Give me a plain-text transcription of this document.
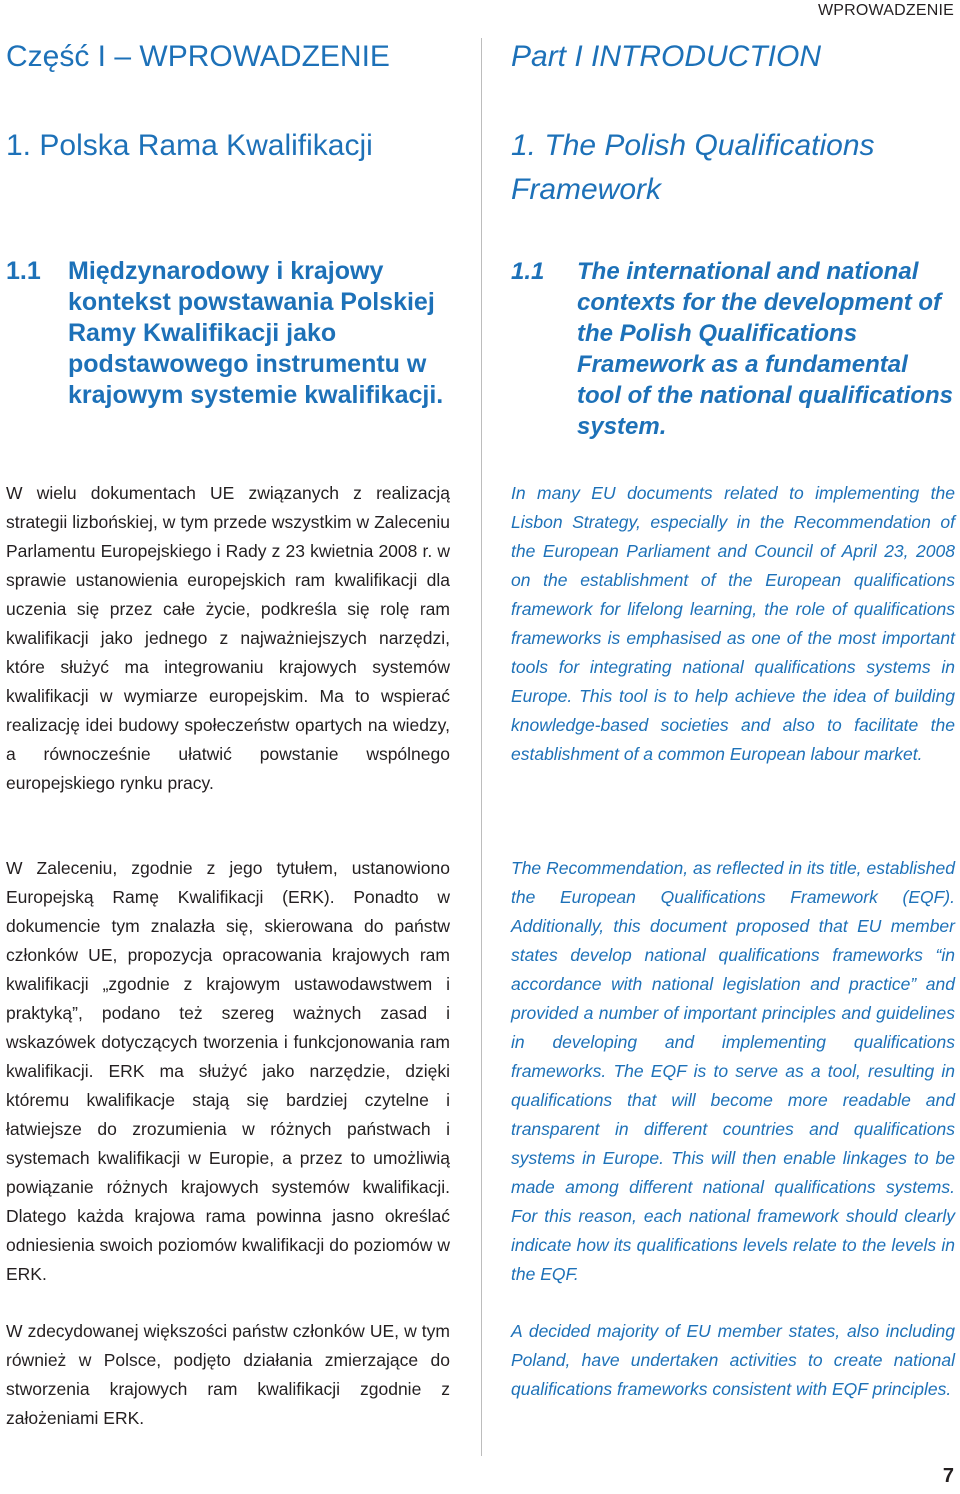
WPROWADZENIE
Część I – WPROWADZENIE
1. Polska Rama Kwalifikacji
1.1	Międzynarodowy i krajowy kontekst powstawania Polskiej Ramy Kwalifikacji jako podstawowego instrumentu w krajowym systemie kwalifikacji.

W wielu dokumentach UE związanych z realizacją strategii lizbońskiej, w tym przede wszystkim w Zaleceniu Parlamentu Europejskiego i Rady z 23 kwietnia 2008 r. w sprawie ustanowienia europejskich ram kwalifikacji dla uczenia się przez całe życie, podkreśla się rolę ram kwalifikacji jako jednego z najważniejszych narzędzi, które służyć ma integrowaniu krajowych systemów kwalifikacji w wymiarze europejskim. Ma to wspierać realizację idei budowy społeczeństw opartych na wiedzy, a równocześnie ułatwić powstanie wspólnego europejskiego rynku pracy.

W Zaleceniu, zgodnie z jego tytułem, ustanowiono Europejską Ramę Kwalifikacji (ERK). Ponadto w dokumencie tym znalazła się, skierowana do państw członków UE, propozycja opracowania krajowych ram kwalifikacji „zgodnie z krajowym ustawodawstwem i praktyką”, podano też szereg ważnych zasad i wskazówek dotyczących tworzenia i funkcjonowania ram kwalifikacji. ERK ma służyć jako narzędzie, dzięki któremu kwalifikacje stają się bardziej czytelne i łatwiejsze do zrozumienia w różnych państwach i systemach kwalifikacji w Europie, a przez to umożliwią powiązanie różnych krajowych systemów kwalifikacji. Dlatego każda krajowa rama powinna jasno określać odniesienia swoich poziomów kwalifikacji do poziomów w ERK.

W zdecydowanej większości państw członków UE, w tym również w Polsce, podjęto działania zmierzające do stworzenia krajowych ram kwalifikacji zgodnie z założeniami ERK.

Part I INTRODUCTION
1. The Polish Qualifications Framework
1.1	The international and national contexts for the development of the Polish Qualifications Framework as a fundamental tool of the national qualifications system.

In many EU documents related to implementing the Lisbon Strategy, especially in the Recommendation of the European Parliament and Council of April 23, 2008 on the establishment of the European qualifications framework for lifelong learning, the role of qualifications frameworks is emphasised as one of the most important tools for integrating national qualifications systems in Europe. This tool is to help achieve the idea of building knowledge-based societies and also to facilitate the establishment of a common European labour market.

The Recommendation, as reflected in its title, established the European Qualifications Framework (EQF). Additionally, this document proposed that EU member states develop national qualifications frameworks “in accordance with national legislation and practice” and provided a number of important principles and guidelines in developing and implementing qualifications frameworks. The EQF is to serve as a tool, resulting in qualifications that will become more readable and transparent in different countries and qualifications systems in Europe. This will then enable linkages to be made among different national qualifications systems. For this reason, each national framework should clearly indicate how its qualifications levels relate to the levels in the EQF.

A decided majority of EU member states, also including Poland, have undertaken activities to create national qualifications frameworks consistent with EQF principles.

7
